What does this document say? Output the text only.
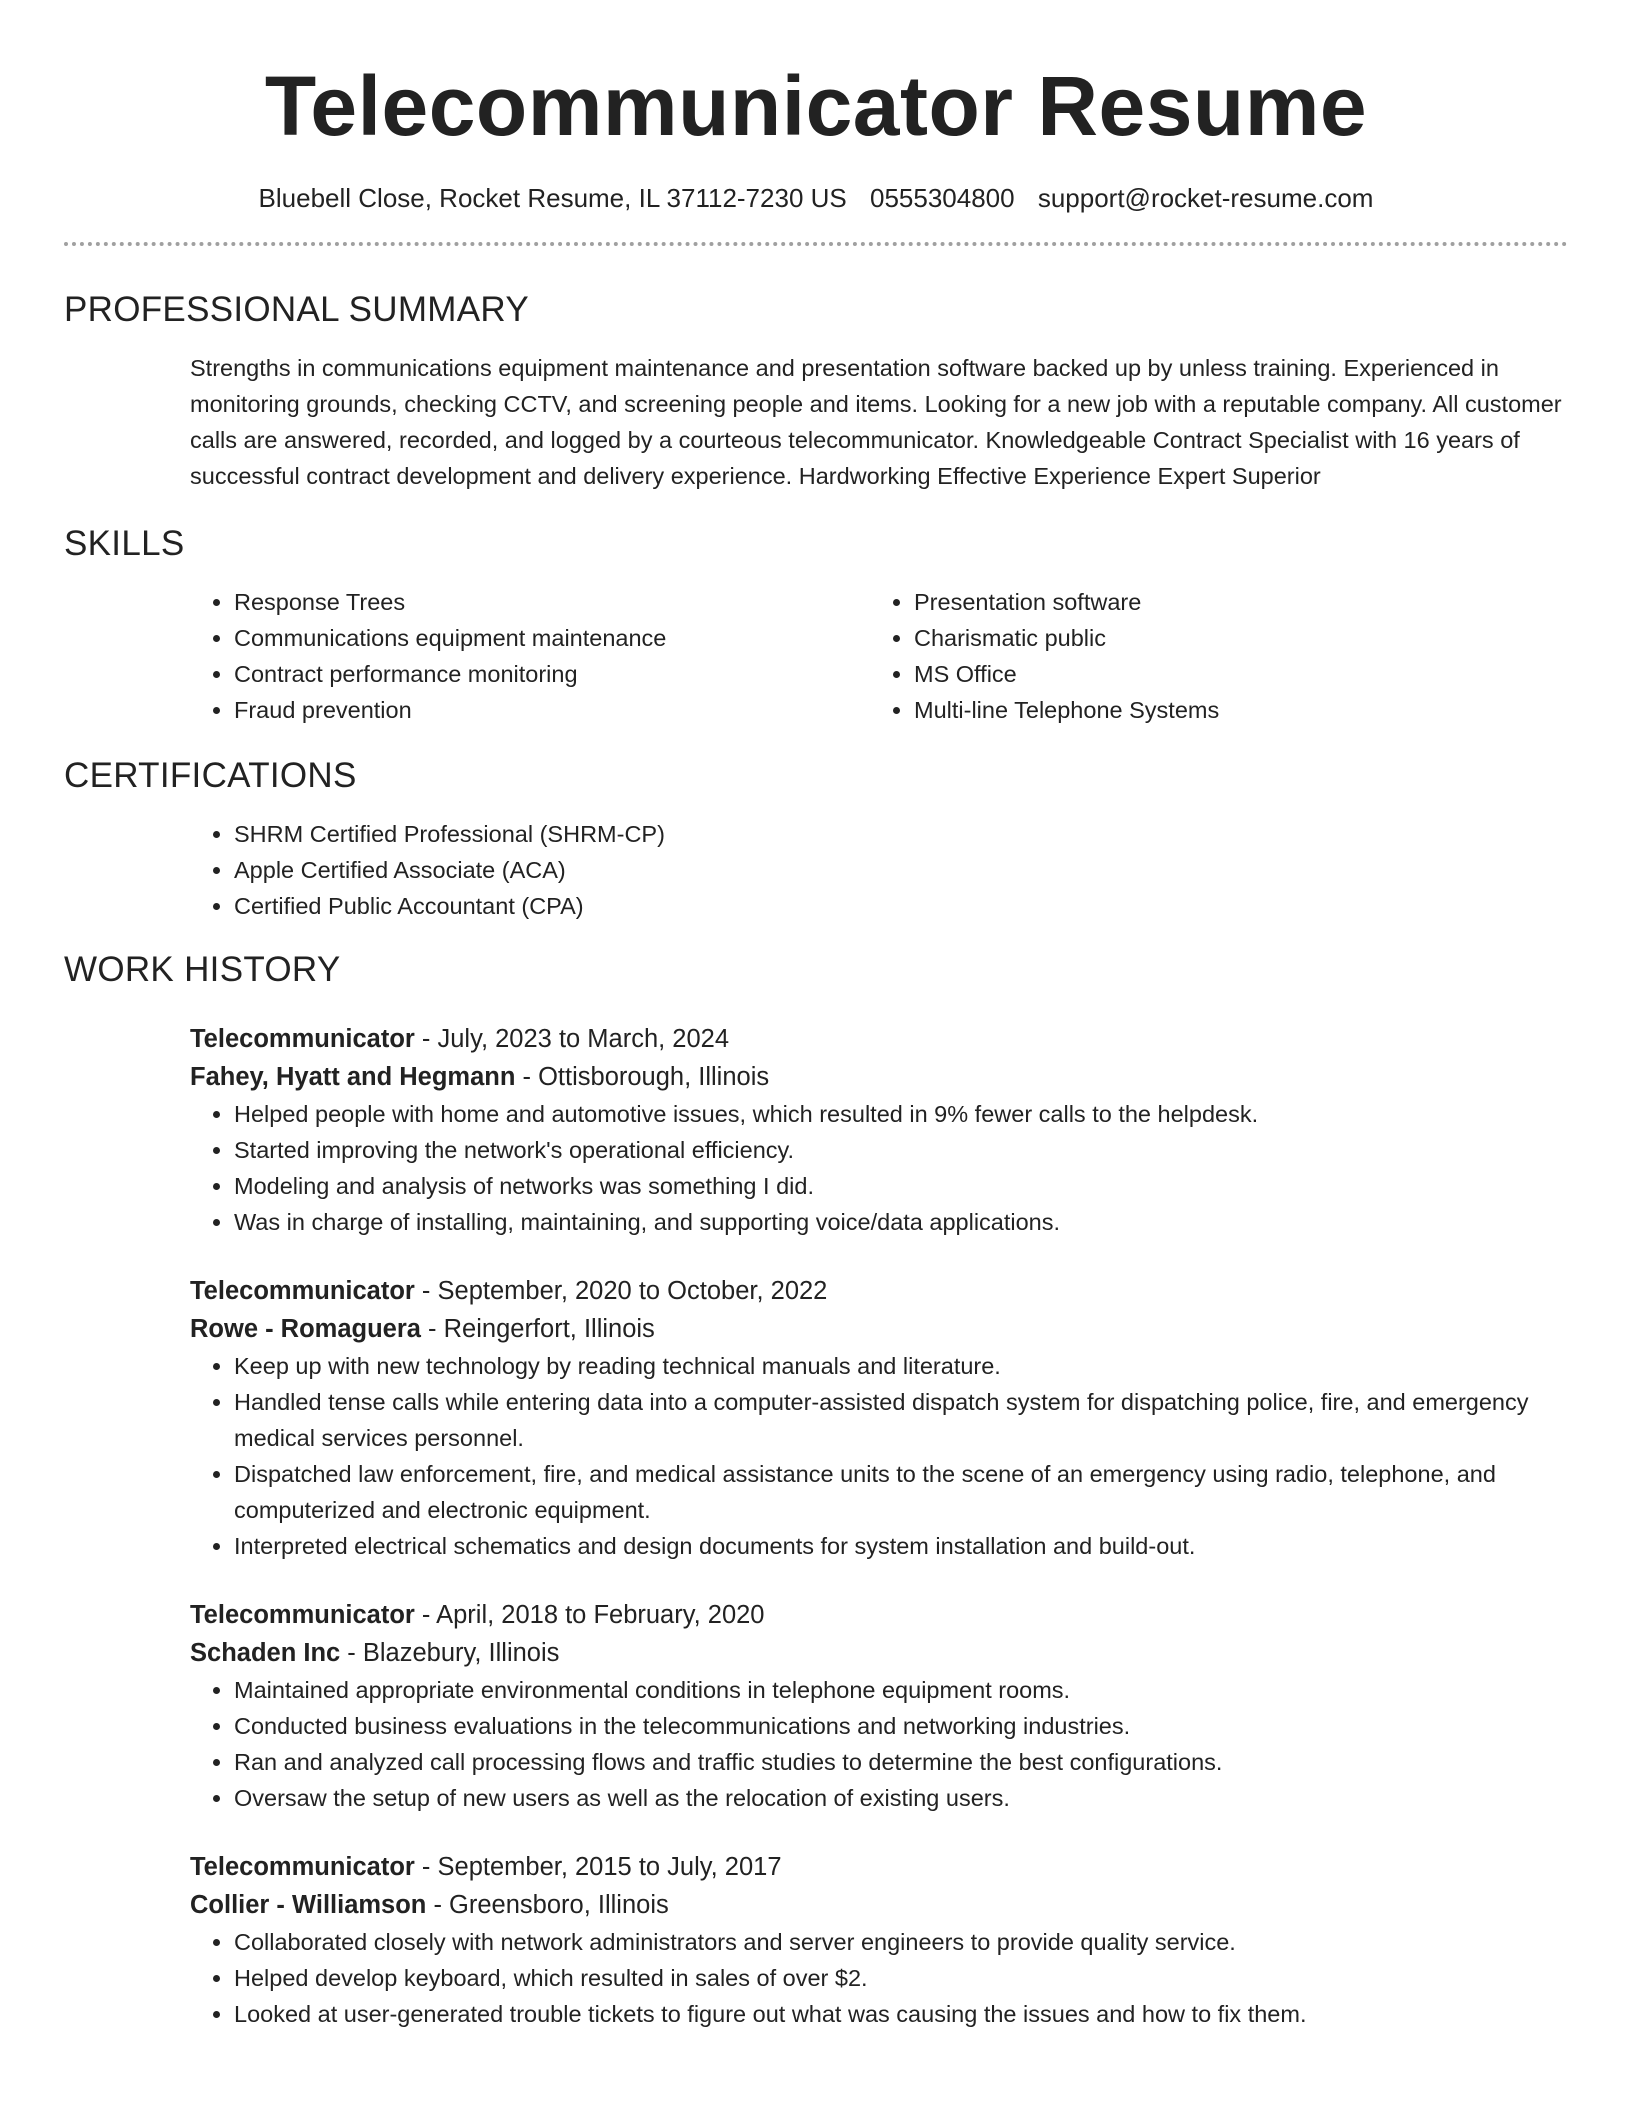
Telecommunicator Resume
Bluebell Close, Rocket Resume, IL 37112-7230 US 0555304800 support@rocket-resume.com
PROFESSIONAL SUMMARY
Strengths in communications equipment maintenance and presentation software backed up by unless training. Experienced in monitoring grounds, checking CCTV, and screening people and items. Looking for a new job with a reputable company. All customer calls are answered, recorded, and logged by a courteous telecommunicator. Knowledgeable Contract Specialist with 16 years of successful contract development and delivery experience. Hardworking Effective Experience Expert Superior
SKILLS
• Response Trees
• Communications equipment maintenance
• Contract performance monitoring
• Fraud prevention
• Presentation software
• Charismatic public
• MS Office
• Multi-line Telephone Systems
CERTIFICATIONS
• SHRM Certified Professional (SHRM-CP)
• Apple Certified Associate (ACA)
• Certified Public Accountant (CPA)
WORK HISTORY
Telecommunicator - July, 2023 to March, 2024
Fahey, Hyatt and Hegmann - Ottisborough, Illinois
• Helped people with home and automotive issues, which resulted in 9% fewer calls to the helpdesk.
• Started improving the network's operational efficiency.
• Modeling and analysis of networks was something I did.
• Was in charge of installing, maintaining, and supporting voice/data applications.
Telecommunicator - September, 2020 to October, 2022
Rowe - Romaguera - Reingerfort, Illinois
• Keep up with new technology by reading technical manuals and literature.
• Handled tense calls while entering data into a computer-assisted dispatch system for dispatching police, fire, and emergency medical services personnel.
• Dispatched law enforcement, fire, and medical assistance units to the scene of an emergency using radio, telephone, and computerized and electronic equipment.
• Interpreted electrical schematics and design documents for system installation and build-out.
Telecommunicator - April, 2018 to February, 2020
Schaden Inc - Blazebury, Illinois
• Maintained appropriate environmental conditions in telephone equipment rooms.
• Conducted business evaluations in the telecommunications and networking industries.
• Ran and analyzed call processing flows and traffic studies to determine the best configurations.
• Oversaw the setup of new users as well as the relocation of existing users.
Telecommunicator - September, 2015 to July, 2017
Collier - Williamson - Greensboro, Illinois
• Collaborated closely with network administrators and server engineers to provide quality service.
• Helped develop keyboard, which resulted in sales of over $2.
• Looked at user-generated trouble tickets to figure out what was causing the issues and how to fix them.
